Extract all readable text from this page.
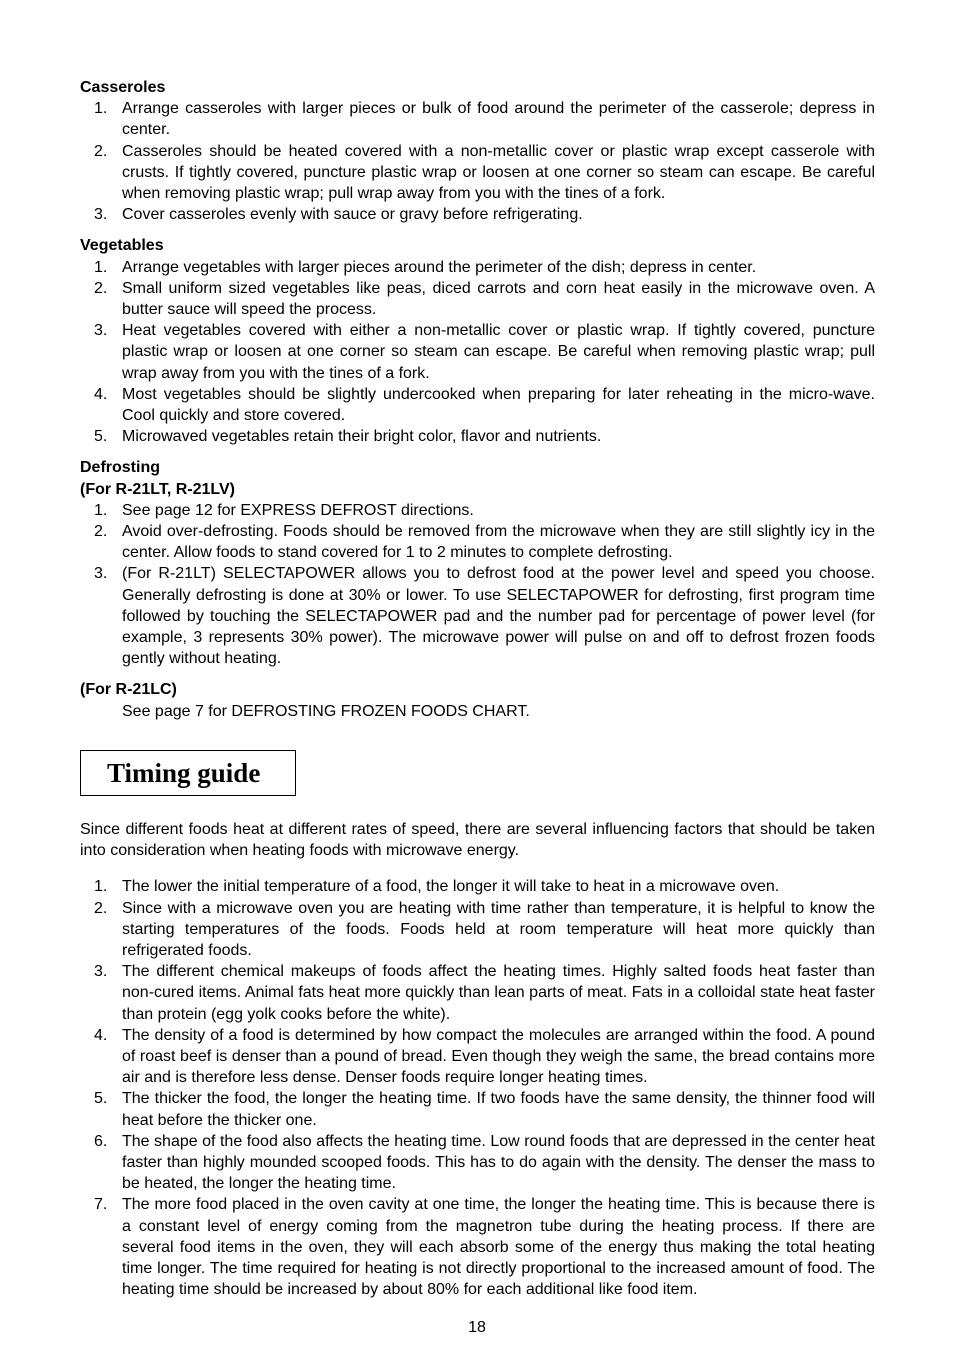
Casseroles
1. Arrange casseroles with larger pieces or bulk of food around the perimeter of the casserole; depress in center.
2. Casseroles should be heated covered with a non-metallic cover or plastic wrap except casserole with crusts. If tightly covered, puncture plastic wrap or loosen at one corner so steam can escape. Be careful when removing plastic wrap; pull wrap away from you with the tines of a fork.
3. Cover casseroles evenly with sauce or gravy before refrigerating.
Vegetables
1. Arrange vegetables with larger pieces around the perimeter of the dish; depress in center.
2. Small uniform sized vegetables like peas, diced carrots and corn heat easily in the microwave oven. A butter sauce will speed the process.
3. Heat vegetables covered with either a non-metallic cover or plastic wrap. If tightly covered, puncture plastic wrap or loosen at one corner so steam can escape. Be careful when removing plastic wrap; pull wrap away from you with the tines of a fork.
4. Most vegetables should be slightly undercooked when preparing for later reheating in the micro-wave. Cool quickly and store covered.
5. Microwaved vegetables retain their bright color, flavor and nutrients.
Defrosting
(For R-21LT, R-21LV)
1. See page 12 for EXPRESS DEFROST directions.
2. Avoid over-defrosting. Foods should be removed from the microwave when they are still slightly icy in the center. Allow foods to stand covered for 1 to 2 minutes to complete defrosting.
3. (For R-21LT) SELECTAPOWER allows you to defrost food at the power level and speed you choose. Generally defrosting is done at 30% or lower. To use SELECTAPOWER for defrosting, first program time followed by touching the SELECTAPOWER pad and the number pad for percentage of power level (for example, 3 represents 30% power). The microwave power will pulse on and off to defrost frozen foods gently without heating.
(For R-21LC)
See page 7 for DEFROSTING FROZEN FOODS CHART.
Timing guide
Since different foods heat at different rates of speed, there are several influencing factors that should be taken into consideration when heating foods with microwave energy.
1. The lower the initial temperature of a food, the longer it will take to heat in a microwave oven.
2. Since with a microwave oven you are heating with time rather than temperature, it is helpful to know the starting temperatures of the foods. Foods held at room temperature will heat more quickly than refrigerated foods.
3. The different chemical makeups of foods affect the heating times. Highly salted foods heat faster than non-cured items. Animal fats heat more quickly than lean parts of meat. Fats in a colloidal state heat faster than protein (egg yolk cooks before the white).
4. The density of a food is determined by how compact the molecules are arranged within the food. A pound of roast beef is denser than a pound of bread. Even though they weigh the same, the bread contains more air and is therefore less dense. Denser foods require longer heating times.
5. The thicker the food, the longer the heating time. If two foods have the same density, the thinner food will heat before the thicker one.
6. The shape of the food also affects the heating time. Low round foods that are depressed in the center heat faster than highly mounded scooped foods. This has to do again with the density. The denser the mass to be heated, the longer the heating time.
7. The more food placed in the oven cavity at one time, the longer the heating time. This is because there is a constant level of energy coming from the magnetron tube during the heating process. If there are several food items in the oven, they will each absorb some of the energy thus making the total heating time longer. The time required for heating is not directly proportional to the increased amount of food. The heating time should be increased by about 80% for each additional like food item.
18
